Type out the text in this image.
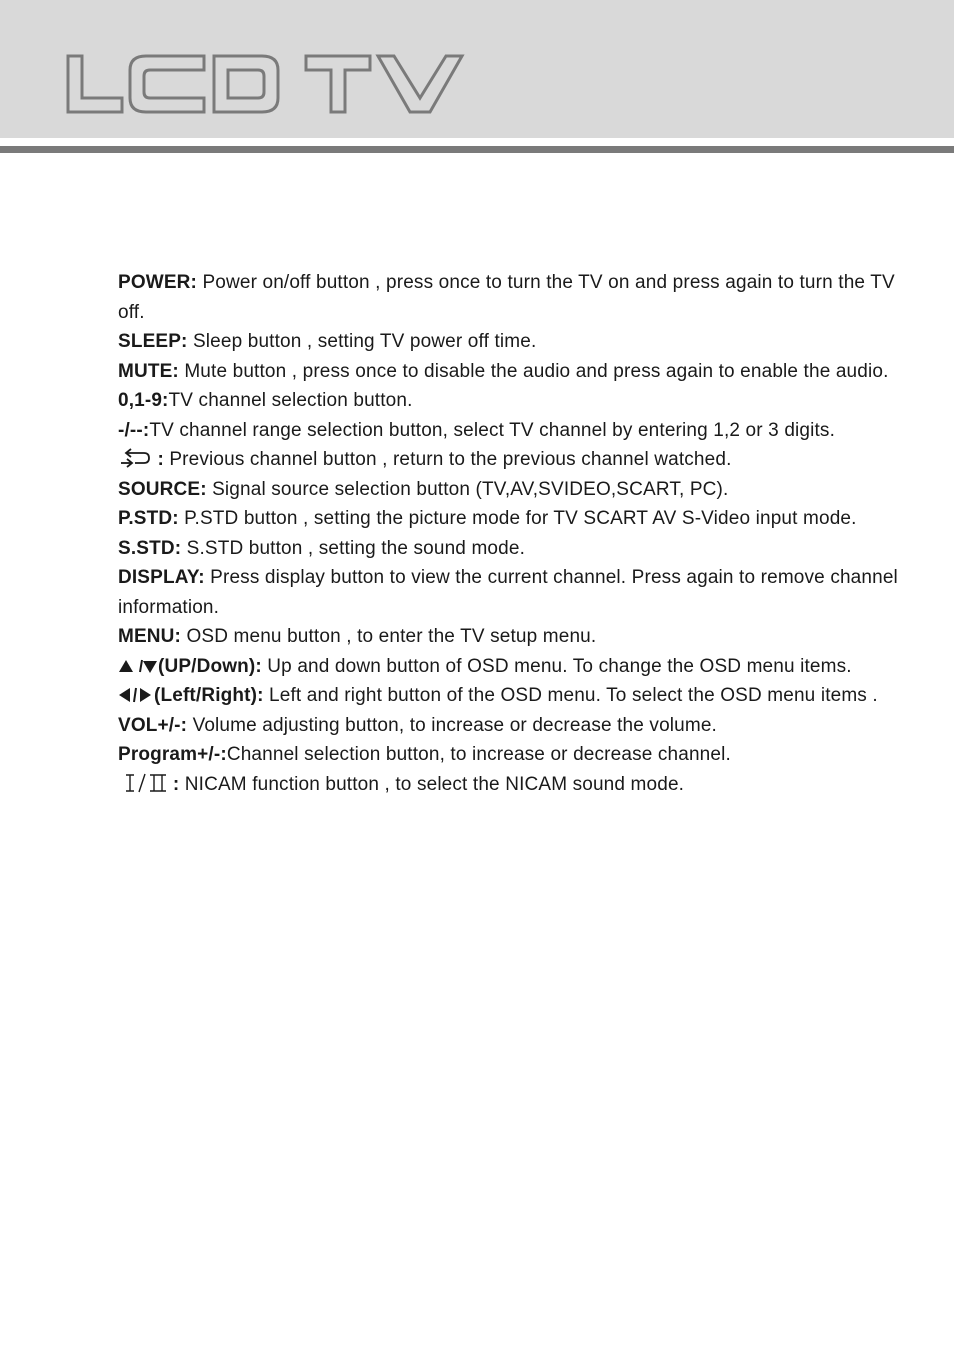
POWER: Power on/off button , press once to turn the TV on and press again to turn the TV off.

SLEEP: Sleep button , setting TV power off time.

MUTE: Mute button , press once to disable the audio and press again to enable the audio.

0,1-9:TV channel selection button.

-/--:TV channel range selection button, select TV channel by entering 1,2 or 3 digits.

: Previous channel button , return to the previous channel watched.

SOURCE: Signal source selection button (TV,AV,SVIDEO,SCART, PC).

P.STD: P.STD button , setting the picture mode for TV SCART AV S-Video input mode.

S.STD: S.STD button , setting the sound mode.

DISPLAY: Press display button to view the current channel. Press again to remove channel information.

MENU: OSD menu button , to enter the TV setup menu.

(UP/Down): Up and down button of OSD menu. To change the OSD menu items.

(Left/Right): Left and right button of the OSD menu. To select the OSD menu items .

VOL+/-: Volume adjusting button, to increase or decrease the volume.

Program+/-:Channel selection button, to increase or decrease channel.

: NICAM function button , to select the NICAM sound mode.
